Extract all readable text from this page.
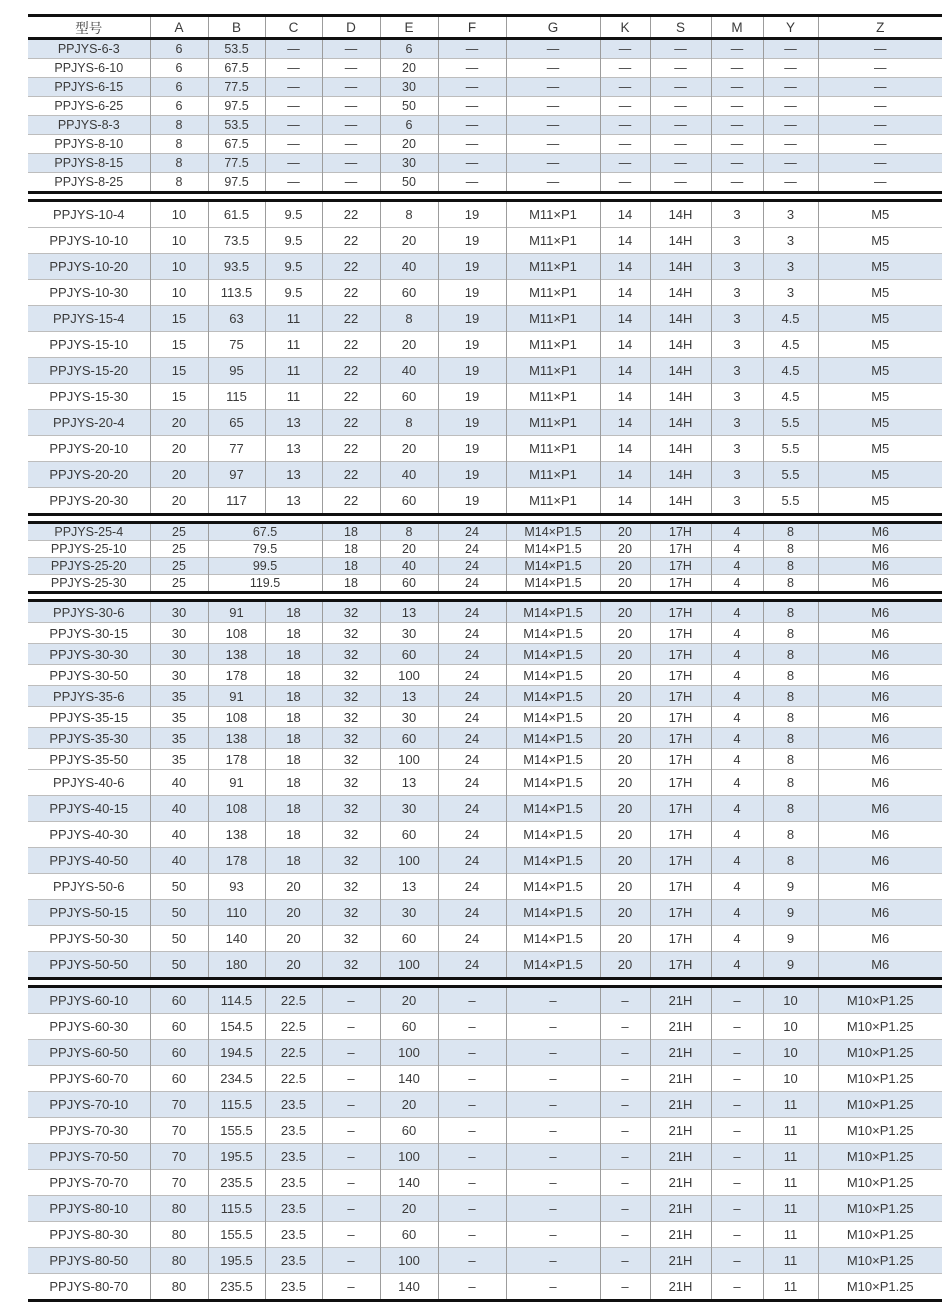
型号	A	B	C	D	E	F	G	K	S	M	Y	Z
PPJYS-6-3	6	53.5	—	—	6	—	—	—	—	—	—	—
PPJYS-6-10	6	67.5	—	—	20	—	—	—	—	—	—	—
PPJYS-6-15	6	77.5	—	—	30	—	—	—	—	—	—	—
PPJYS-6-25	6	97.5	—	—	50	—	—	—	—	—	—	—
PPJYS-8-3	8	53.5	—	—	6	—	—	—	—	—	—	—
PPJYS-8-10	8	67.5	—	—	20	—	—	—	—	—	—	—
PPJYS-8-15	8	77.5	—	—	30	—	—	—	—	—	—	—
PPJYS-8-25	8	97.5	—	—	50	—	—	—	—	—	—	—
PPJYS-10-4	10	61.5	9.5	22	8	19	M11×P1	14	14H	3	3	M5
PPJYS-10-10	10	73.5	9.5	22	20	19	M11×P1	14	14H	3	3	M5
PPJYS-10-20	10	93.5	9.5	22	40	19	M11×P1	14	14H	3	3	M5
PPJYS-10-30	10	113.5	9.5	22	60	19	M11×P1	14	14H	3	3	M5
PPJYS-15-4	15	63	11	22	8	19	M11×P1	14	14H	3	4.5	M5
PPJYS-15-10	15	75	11	22	20	19	M11×P1	14	14H	3	4.5	M5
PPJYS-15-20	15	95	11	22	40	19	M11×P1	14	14H	3	4.5	M5
PPJYS-15-30	15	115	11	22	60	19	M11×P1	14	14H	3	4.5	M5
PPJYS-20-4	20	65	13	22	8	19	M11×P1	14	14H	3	5.5	M5
PPJYS-20-10	20	77	13	22	20	19	M11×P1	14	14H	3	5.5	M5
PPJYS-20-20	20	97	13	22	40	19	M11×P1	14	14H	3	5.5	M5
PPJYS-20-30	20	117	13	22	60	19	M11×P1	14	14H	3	5.5	M5
PPJYS-25-4	25	67.5	18	8	24	M14×P1.5	20	17H	4	8	M6
PPJYS-25-10	25	79.5	18	20	24	M14×P1.5	20	17H	4	8	M6
PPJYS-25-20	25	99.5	18	40	24	M14×P1.5	20	17H	4	8	M6
PPJYS-25-30	25	119.5	18	60	24	M14×P1.5	20	17H	4	8	M6
PPJYS-30-6	30	91	18	32	13	24	M14×P1.5	20	17H	4	8	M6
PPJYS-30-15	30	108	18	32	30	24	M14×P1.5	20	17H	4	8	M6
PPJYS-30-30	30	138	18	32	60	24	M14×P1.5	20	17H	4	8	M6
PPJYS-30-50	30	178	18	32	100	24	M14×P1.5	20	17H	4	8	M6
PPJYS-35-6	35	91	18	32	13	24	M14×P1.5	20	17H	4	8	M6
PPJYS-35-15	35	108	18	32	30	24	M14×P1.5	20	17H	4	8	M6
PPJYS-35-30	35	138	18	32	60	24	M14×P1.5	20	17H	4	8	M6
PPJYS-35-50	35	178	18	32	100	24	M14×P1.5	20	17H	4	8	M6
PPJYS-40-6	40	91	18	32	13	24	M14×P1.5	20	17H	4	8	M6
PPJYS-40-15	40	108	18	32	30	24	M14×P1.5	20	17H	4	8	M6
PPJYS-40-30	40	138	18	32	60	24	M14×P1.5	20	17H	4	8	M6
PPJYS-40-50	40	178	18	32	100	24	M14×P1.5	20	17H	4	8	M6
PPJYS-50-6	50	93	20	32	13	24	M14×P1.5	20	17H	4	9	M6
PPJYS-50-15	50	110	20	32	30	24	M14×P1.5	20	17H	4	9	M6
PPJYS-50-30	50	140	20	32	60	24	M14×P1.5	20	17H	4	9	M6
PPJYS-50-50	50	180	20	32	100	24	M14×P1.5	20	17H	4	9	M6
PPJYS-60-10	60	114.5	22.5	–	20	–	–	–	21H	–	10	M10×P1.25
PPJYS-60-30	60	154.5	22.5	–	60	–	–	–	21H	–	10	M10×P1.25
PPJYS-60-50	60	194.5	22.5	–	100	–	–	–	21H	–	10	M10×P1.25
PPJYS-60-70	60	234.5	22.5	–	140	–	–	–	21H	–	10	M10×P1.25
PPJYS-70-10	70	115.5	23.5	–	20	–	–	–	21H	–	11	M10×P1.25
PPJYS-70-30	70	155.5	23.5	–	60	–	–	–	21H	–	11	M10×P1.25
PPJYS-70-50	70	195.5	23.5	–	100	–	–	–	21H	–	11	M10×P1.25
PPJYS-70-70	70	235.5	23.5	–	140	–	–	–	21H	–	11	M10×P1.25
PPJYS-80-10	80	115.5	23.5	–	20	–	–	–	21H	–	11	M10×P1.25
PPJYS-80-30	80	155.5	23.5	–	60	–	–	–	21H	–	11	M10×P1.25
PPJYS-80-50	80	195.5	23.5	–	100	–	–	–	21H	–	11	M10×P1.25
PPJYS-80-70	80	235.5	23.5	–	140	–	–	–	21H	–	11	M10×P1.25
